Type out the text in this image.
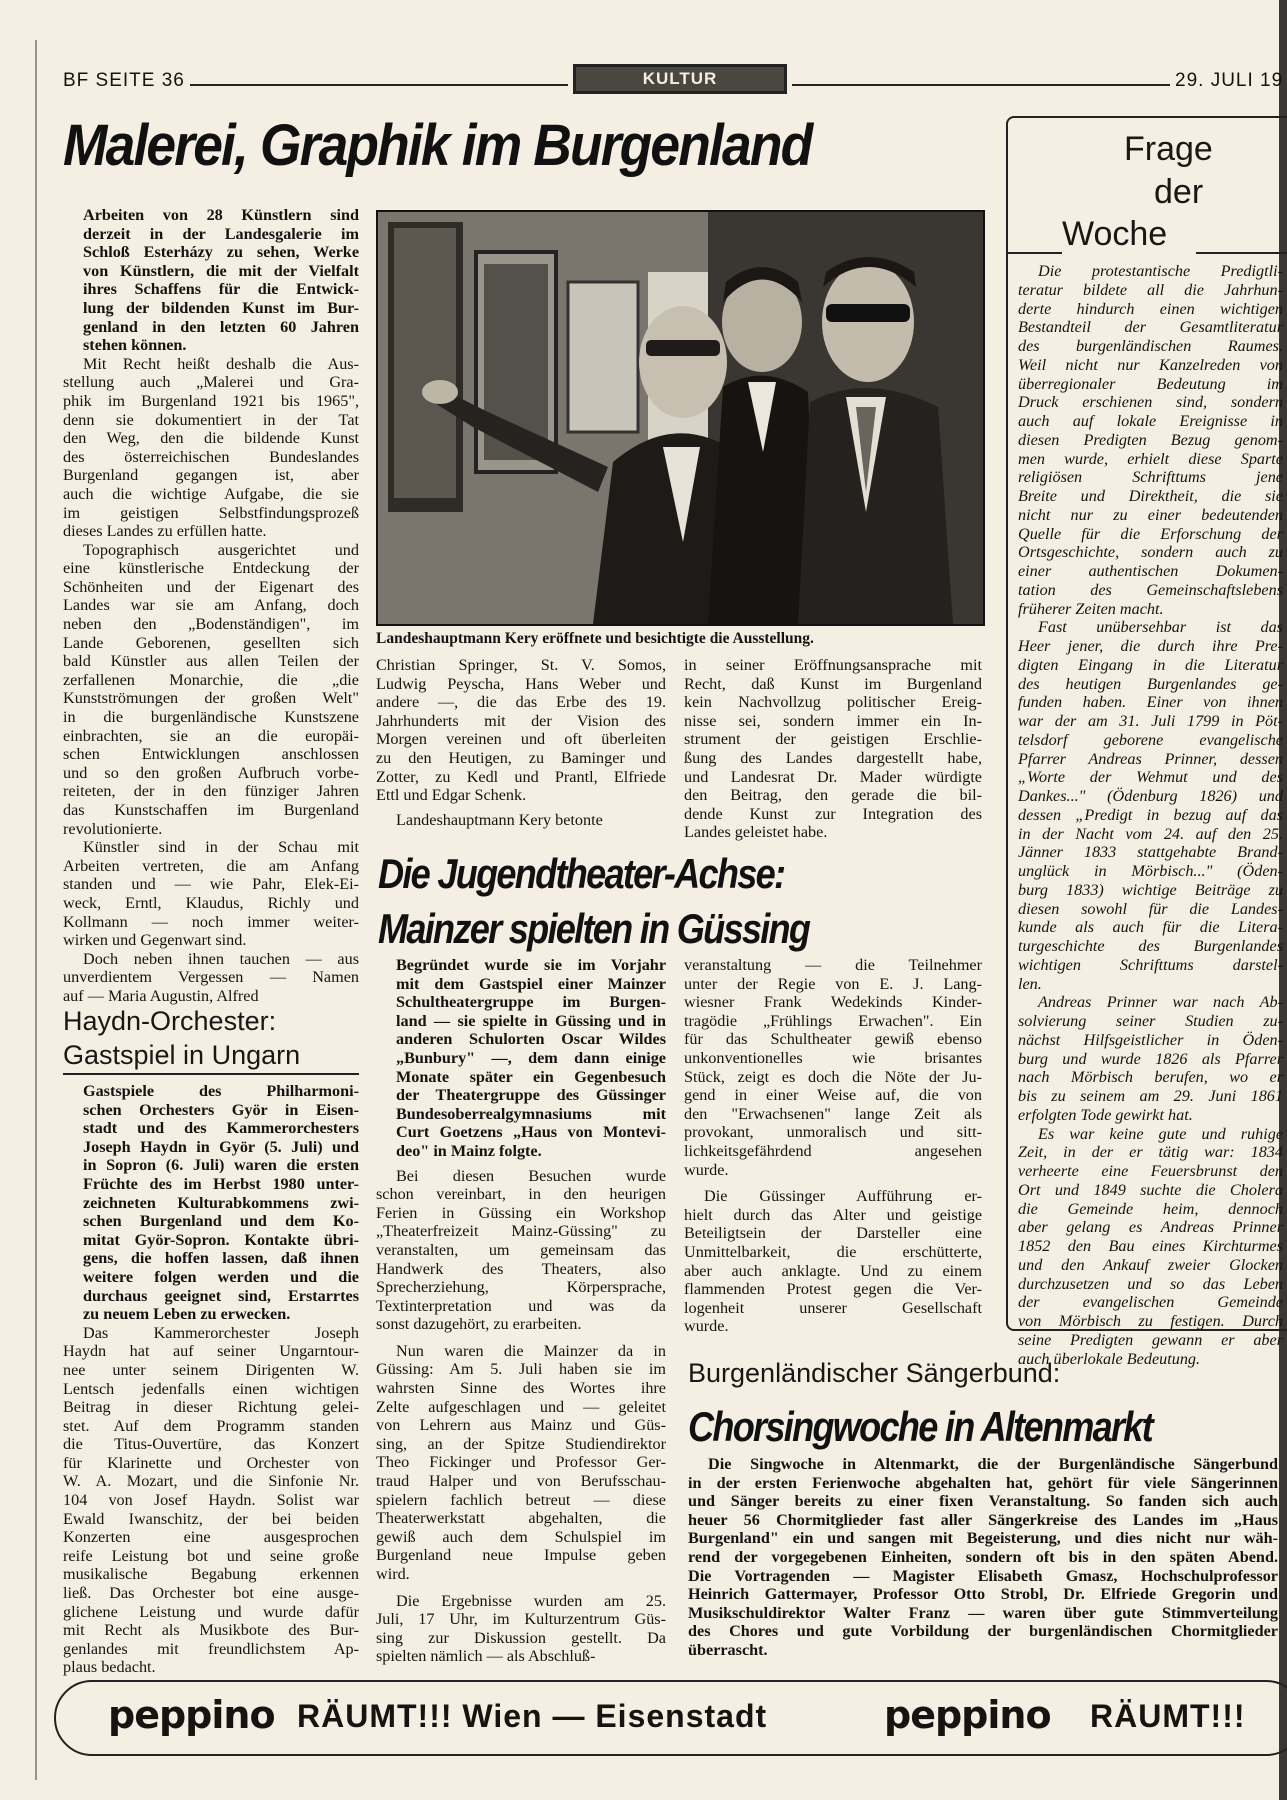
BF SEITE 36	KULTUR	29. JULI 19
Malerei, Graphik im Burgenland
Arbeiten von 28 Künstlern sind
derzeit in der Landesgalerie im
Schloß Esterházy zu sehen, Werke
von Künstlern, die mit der Vielfalt
ihres Schaffens für die Entwick-
lung der bildenden Kunst im Bur-
genland in den letzten 60 Jahren
stehen können.
Mit Recht heißt deshalb die Aus-
stellung auch „Malerei und Gra-
phik im Burgenland 1921 bis 1965",
denn sie dokumentiert in der Tat
den Weg, den die bildende Kunst
des österreichischen Bundeslandes
Burgenland gegangen ist, aber
auch die wichtige Aufgabe, die sie
im geistigen Selbstfindungsprozeß
dieses Landes zu erfüllen hatte.
Topographisch ausgerichtet und
eine künstlerische Entdeckung der
Schönheiten und der Eigenart des
Landes war sie am Anfang, doch
neben den „Bodenständigen", im
Lande Geborenen, gesellten sich
bald Künstler aus allen Teilen der
zerfallenen Monarchie, die „die
Kunstströmungen der großen Welt"
in die burgenländische Kunstszene
einbrachten, sie an die europäi-
schen Entwicklungen anschlossen
und so den großen Aufbruch vorbe-
reiteten, der in den fünziger Jahren
das Kunstschaffen im Burgenland
revolutionierte.
Künstler sind in der Schau mit
Arbeiten vertreten, die am Anfang
standen und — wie Pahr, Elek-Ei-
weck, Erntl, Klaudus, Richly und
Kollmann — noch immer weiter-
wirken und Gegenwart sind.
Doch neben ihnen tauchen — aus
unverdientem Vergessen — Namen
auf — Maria Augustin, Alfred
Landeshauptmann Kery eröffnete und besichtigte die Ausstellung.
Christian Springer, St. V. Somos,
Ludwig Peyscha, Hans Weber und
andere —, die das Erbe des 19.
Jahrhunderts mit der Vision des
Morgen vereinen und oft überleiten
zu den Heutigen, zu Baminger und
Zotter, zu Kedl und Prantl, Elfriede
Ettl und Edgar Schenk.
Landeshauptmann Kery betonte
in seiner Eröffnungsansprache mit
Recht, daß Kunst im Burgenland
kein Nachvollzug politischer Ereig-
nisse sei, sondern immer ein In-
strument der geistigen Erschlie-
ßung des Landes dargestellt habe,
und Landesrat Dr. Mader würdigte
den Beitrag, den gerade die bil-
dende Kunst zur Integration des
Landes geleistet habe.
Haydn-Orchester:
Gastspiel in Ungarn
Gastspiele des Philharmoni-
schen Orchesters Györ in Eisen-
stadt und des Kammerorchesters
Joseph Haydn in Györ (5. Juli) und
in Sopron (6. Juli) waren die ersten
Früchte des im Herbst 1980 unter-
zeichneten Kulturabkommens zwi-
schen Burgenland und dem Ko-
mitat Györ-Sopron. Kontakte übri-
gens, die hoffen lassen, daß ihnen
weitere folgen werden und die
durchaus geeignet sind, Erstarrtes
zu neuem Leben zu erwecken.
Das Kammerorchester Joseph
Haydn hat auf seiner Ungarntour-
nee unter seinem Dirigenten W.
Lentsch jedenfalls einen wichtigen
Beitrag in dieser Richtung gelei-
stet. Auf dem Programm standen
die Titus-Ouvertüre, das Konzert
für Klarinette und Orchester von
W. A. Mozart, und die Sinfonie Nr.
104 von Josef Haydn. Solist war
Ewald Iwanschitz, der bei beiden
Konzerten eine ausgesprochen
reife Leistung bot und seine große
musikalische Begabung erkennen
ließ. Das Orchester bot eine ausge-
glichene Leistung und wurde dafür
mit Recht als Musikbote des Bur-
genlandes mit freundlichstem Ap-
plaus bedacht.
Die Jugendtheater-Achse:
Mainzer spielten in Güssing
Begründet wurde sie im Vorjahr
mit dem Gastspiel einer Mainzer
Schultheatergruppe im Burgen-
land — sie spielte in Güssing und in
anderen Schulorten Oscar Wildes
„Bunbury" —, dem dann einige
Monate später ein Gegenbesuch
der Theatergruppe des Güssinger
Bundesoberrealgymnasiums mit
Curt Goetzens „Haus von Montevi-
deo" in Mainz folgte.
Bei diesen Besuchen wurde
schon vereinbart, in den heurigen
Ferien in Güssing ein Workshop
„Theaterfreizeit Mainz-Güssing" zu
veranstalten, um gemeinsam das
Handwerk des Theaters, also
Sprecherziehung, Körpersprache,
Textinterpretation und was da
sonst dazugehört, zu erarbeiten.
Nun waren die Mainzer da in
Güssing: Am 5. Juli haben sie im
wahrsten Sinne des Wortes ihre
Zelte aufgeschlagen und — geleitet
von Lehrern aus Mainz und Güs-
sing, an der Spitze Studiendirektor
Theo Fickinger und Professor Ger-
traud Halper und von Berufsschau-
spielern fachlich betreut — diese
Theaterwerkstatt abgehalten, die
gewiß auch dem Schulspiel im
Burgenland neue Impulse geben
wird.
Die Ergebnisse wurden am 25.
Juli, 17 Uhr, im Kulturzentrum Güs-
sing zur Diskussion gestellt. Da
spielten nämlich — als Abschluß-
veranstaltung — die Teilnehmer
unter der Regie von E. J. Lang-
wiesner Frank Wedekinds Kinder-
tragödie „Frühlings Erwachen". Ein
für das Schultheater gewiß ebenso
unkonventionelles wie brisantes
Stück, zeigt es doch die Nöte der Ju-
gend in einer Weise auf, die von
den "Erwachsenen" lange Zeit als
provokant, unmoralisch und sitt-
lichkeitsgefährdend angesehen
wurde.
Die Güssinger Aufführung er-
hielt durch das Alter und geistige
Beteiligtsein der Darsteller eine
Unmittelbarkeit, die erschütterte,
aber auch anklagte. Und zu einem
flammenden Protest gegen die Ver-
logenheit unserer Gesellschaft
wurde.
Frage
der
Woche
Die protestantische Predigtli-
teratur bildete all die Jahrhun-
derte hindurch einen wichtigen
Bestandteil der Gesamtliteratur
des burgenländischen Raumes.
Weil nicht nur Kanzelreden von
überregionaler Bedeutung im
Druck erschienen sind, sondern
auch auf lokale Ereignisse in
diesen Predigten Bezug genom-
men wurde, erhielt diese Sparte
religiösen Schrifttums jene
Breite und Direktheit, die sie
nicht nur zu einer bedeutenden
Quelle für die Erforschung der
Ortsgeschichte, sondern auch zu
einer authentischen Dokumen-
tation des Gemeinschaftslebens
früherer Zeiten macht.
Fast unübersehbar ist das
Heer jener, die durch ihre Pre-
digten Eingang in die Literatur
des heutigen Burgenlandes ge-
funden haben. Einer von ihnen
war der am 31. Juli 1799 in Pöt-
telsdorf geborene evangelische
Pfarrer Andreas Prinner, dessen
„Worte der Wehmut und des
Dankes..." (Ödenburg 1826) und
dessen „Predigt in bezug auf das
in der Nacht vom 24. auf den 25.
Jänner 1833 stattgehabte Brand-
unglück in Mörbisch..." (Öden-
burg 1833) wichtige Beiträge zu
diesen sowohl für die Landes-
kunde als auch für die Litera-
turgeschichte des Burgenlandes
wichtigen Schrifttums darstel-
len.
Andreas Prinner war nach Ab-
solvierung seiner Studien zu-
nächst Hilfsgeistlicher in Öden-
burg und wurde 1826 als Pfarrer
nach Mörbisch berufen, wo er
bis zu seinem am 29. Juni 1861
erfolgten Tode gewirkt hat.
Es war keine gute und ruhige
Zeit, in der er tätig war: 1834
verheerte eine Feuersbrunst den
Ort und 1849 suchte die Cholera
die Gemeinde heim, dennoch
aber gelang es Andreas Prinner
1852 den Bau eines Kirchturmes
und den Ankauf zweier Glocken
durchzusetzen und so das Leben
der evangelischen Gemeinde
von Mörbisch zu festigen. Durch
seine Predigten gewann er aber
auch überlokale Bedeutung.
Burgenländischer Sängerbund:
Chorsingwoche in Altenmarkt
Die Singwoche in Altenmarkt, die der Burgenländische Sängerbund
in der ersten Ferienwoche abgehalten hat, gehört für viele Sängerinnen
und Sänger bereits zu einer fixen Veranstaltung. So fanden sich auch
heuer 56 Chormitglieder fast aller Sängerkreise des Landes im „Haus
Burgenland" ein und sangen mit Begeisterung, und dies nicht nur wäh-
rend der vorgegebenen Einheiten, sondern oft bis in den späten Abend.
Die Vortragenden — Magister Elisabeth Gmasz, Hochschulprofessor
Heinrich Gattermayer, Professor Otto Strobl, Dr. Elfriede Gregorin und
Musikschuldirektor Walter Franz — waren über gute Stimmverteilung
des Chores und gute Vorbildung der burgenländischen Chormitglieder
überrascht.
peppino RÄUMT!!! Wien — Eisenstadt	peppino RÄUMT!!!
